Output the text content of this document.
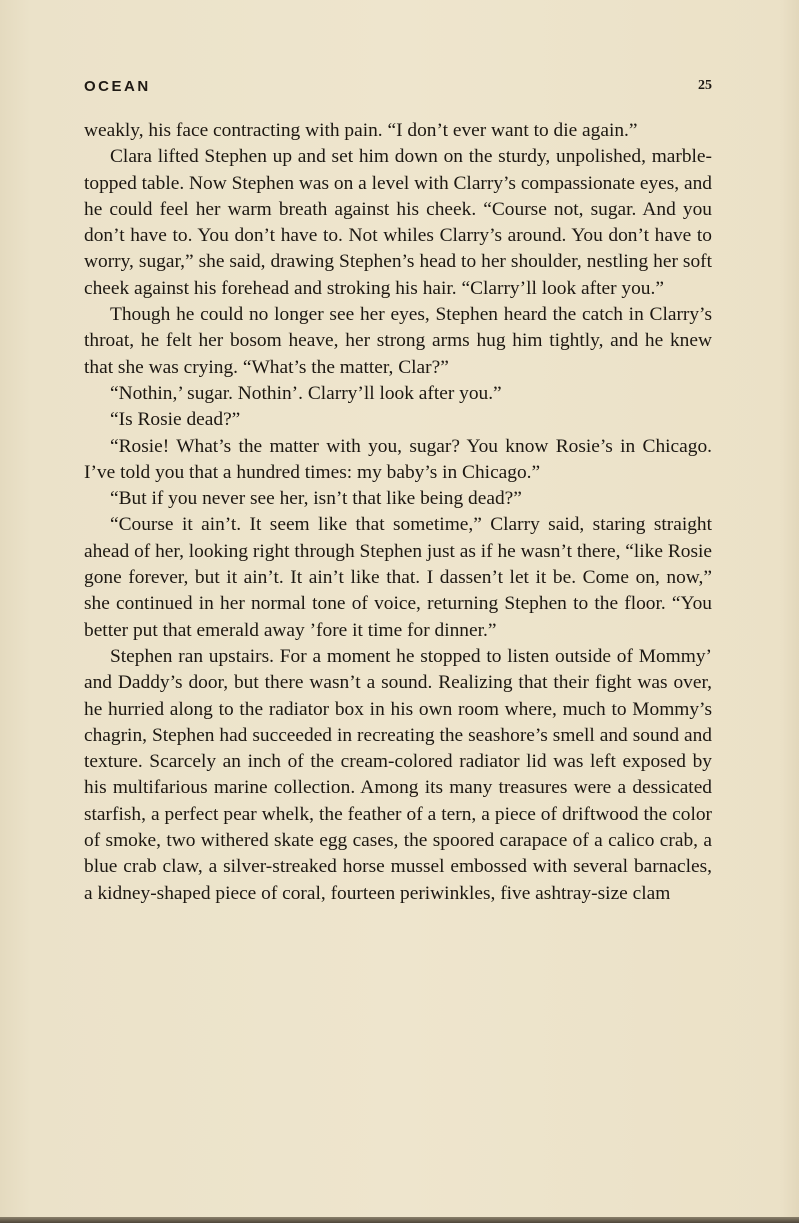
OCEAN	25

weakly, his face contracting with pain. “I don’t ever want to die again.”

Clara lifted Stephen up and set him down on the sturdy, unpolished, marble-topped table. Now Stephen was on a level with Clarry’s compassionate eyes, and he could feel her warm breath against his cheek. “Course not, sugar. And you don’t have to. You don’t have to. Not whiles Clarry’s around. You don’t have to worry, sugar,” she said, drawing Stephen’s head to her shoulder, nestling her soft cheek against his forehead and stroking his hair. “Clarry’ll look after you.”

Though he could no longer see her eyes, Stephen heard the catch in Clarry’s throat, he felt her bosom heave, her strong arms hug him tightly, and he knew that she was crying. “What’s the matter, Clar?”

“Nothin,’ sugar. Nothin’. Clarry’ll look after you.”

“Is Rosie dead?”

“Rosie! What’s the matter with you, sugar? You know Rosie’s in Chicago. I’ve told you that a hundred times: my baby’s in Chicago.”

“But if you never see her, isn’t that like being dead?”

“Course it ain’t. It seem like that sometime,” Clarry said, staring straight ahead of her, looking right through Stephen just as if he wasn’t there, “like Rosie gone forever, but it ain’t. It ain’t like that. I dassen’t let it be. Come on, now,” she continued in her normal tone of voice, returning Stephen to the floor. “You better put that emerald away ’fore it time for dinner.”

Stephen ran upstairs. For a moment he stopped to listen outside of Mommy’ and Daddy’s door, but there wasn’t a sound. Realizing that their fight was over, he hurried along to the radiator box in his own room where, much to Mommy’s chagrin, Stephen had succeeded in recreating the seashore’s smell and sound and texture. Scarcely an inch of the cream-colored radiator lid was left exposed by his multifarious marine collection. Among its many treasures were a dessicated starfish, a perfect pear whelk, the feather of a tern, a piece of driftwood the color of smoke, two withered skate egg cases, the spoored carapace of a calico crab, a blue crab claw, a silver-streaked horse mussel embossed with several barnacles, a kidney-shaped piece of coral, fourteen periwinkles, five ashtray-size clam
